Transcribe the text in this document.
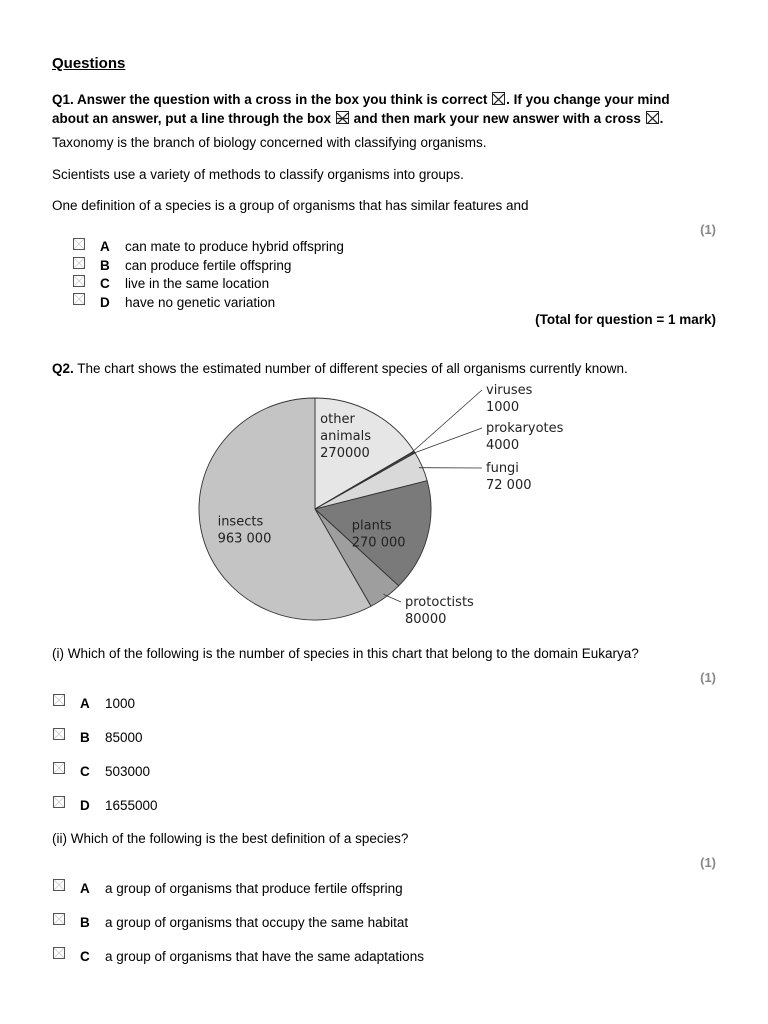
Questions
Q1. Answer the question with a cross in the box you think is correct ☒. If you change your mind
about an answer, put a line through the box and then mark your new answer with a cross ☒.
Taxonomy is the branch of biology concerned with classifying organisms.
Scientists use a variety of methods to classify organisms into groups.
One definition of a species is a group of organisms that has similar features and
(1)
A can mate to produce hybrid offspring
B can produce fertile offspring
C live in the same location
D have no genetic variation
(Total for question = 1 mark)
Q2. The chart shows the estimated number of different species of all organisms currently known.
other
animals
270000
viruses
1000
prokaryotes
4000
fungi
72 000
plants
270 000
protoctists
80000
insects
963 000
(i) Which of the following is the number of species in this chart that belong to the domain Eukarya?
(1)
A 1000
B 85000
C 503000
D 1655000
(ii) Which of the following is the best definition of a species?
(1)
A a group of organisms that produce fertile offspring
B a group of organisms that occupy the same habitat
C a group of organisms that have the same adaptations
